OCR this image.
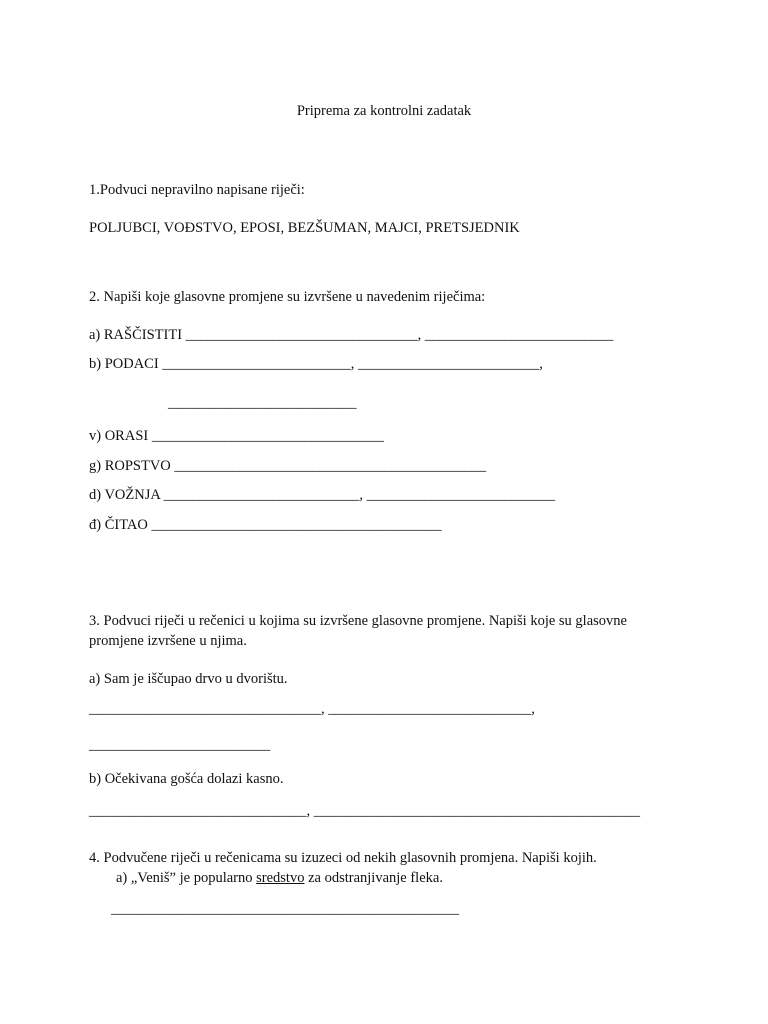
Priprema za kontrolni zadatak
1.Podvuci nepravilno napisane riječi:
POLJUBCI, VOĐSTVO, EPOSI, BEZŠUMAN, MAJCI, PRETSJEDNIK
2. Napiši koje glasovne promjene su izvršene u navedenim riječima:
a) RAŠČISTITI ________________________________, __________________________
b) PODACI __________________________, _________________________,
__________________________
v) ORASI ________________________________
g) ROPSTVO ___________________________________________
d) VOŽNJA ___________________________, __________________________
đ) ČITAO ________________________________________
3. Podvuci riječi u rečenici u kojima su izvršene glasovne promjene. Napiši koje su glasovne
promjene izvršene u njima.
a) Sam je iščupao drvo u dvorištu.
________________________________, ____________________________,
_________________________
b) Očekivana gošća dolazi kasno.
______________________________, _____________________________________________
4. Podvučene riječi u rečenicama su izuzeci od nekih glasovnih promjena. Napiši kojih.
a) „Veniš” je popularno sredstvo za odstranjivanje fleka.
________________________________________________
